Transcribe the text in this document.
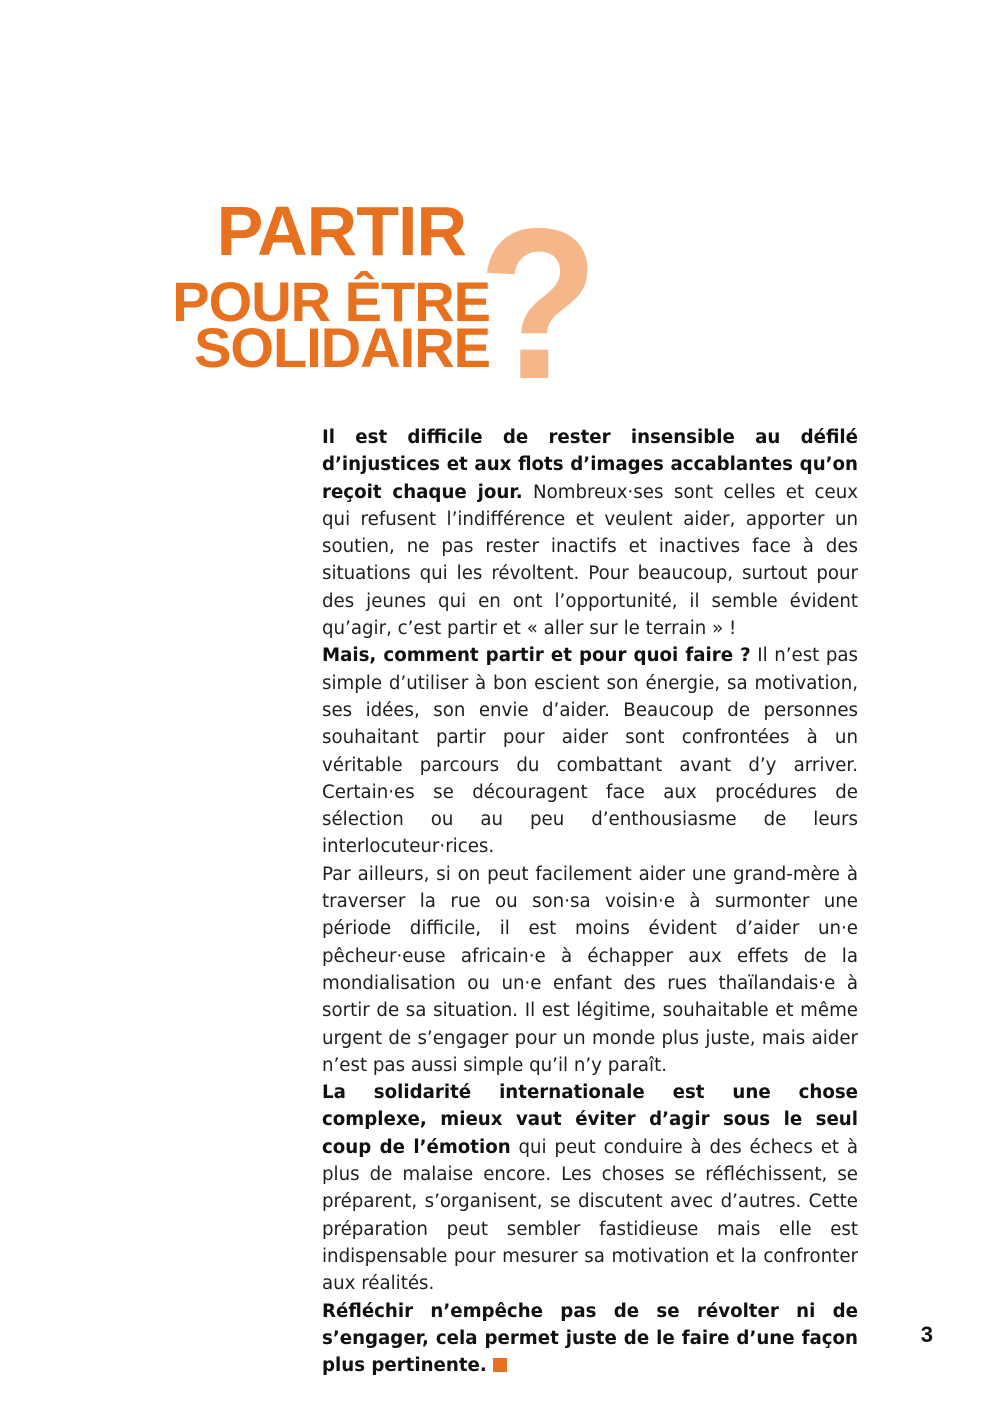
PARTIR
POUR ÊTRE
SOLIDAIRE
?

Il est difficile de rester insensible au défilé d’injustices et aux flots d’images accablantes qu’on reçoit chaque jour. Nombreux·ses sont celles et ceux qui refusent l’indifférence et veulent aider, apporter un soutien, ne pas rester inactifs et inactives face à des situations qui les révoltent. Pour beaucoup, surtout pour des jeunes qui en ont l’opportunité, il semble évident qu’agir, c’est partir et « aller sur le terrain » !

Mais, comment partir et pour quoi faire ? Il n’est pas simple d’utiliser à bon escient son énergie, sa motivation, ses idées, son envie d’aider. Beaucoup de personnes souhaitant partir pour aider sont confrontées à un véritable parcours du combattant avant d’y arriver. Certain·es se découragent face aux procédures de sélection ou au peu d’enthousiasme de leurs interlocuteur·rices.

Par ailleurs, si on peut facilement aider une grand-mère à traverser la rue ou son·sa voisin·e à surmonter une période difficile, il est moins évident d’aider un·e pêcheur·euse africain·e à échapper aux effets de la mondialisation ou un·e enfant des rues thaïlandais·e à sortir de sa situation. Il est légitime, souhaitable et même urgent de s’engager pour un monde plus juste, mais aider n’est pas aussi simple qu’il n’y paraît.

La solidarité internationale est une chose complexe, mieux vaut éviter d’agir sous le seul coup de l’émotion qui peut conduire à des échecs et à plus de malaise encore. Les choses se réfléchissent, se préparent, s’organisent, se discutent avec d’autres. Cette préparation peut sembler fastidieuse mais elle est indispensable pour mesurer sa motivation et la confronter aux réalités.

Réfléchir n’empêche pas de se révolter ni de s’engager, cela permet juste de le faire d’une façon plus pertinente.

3
